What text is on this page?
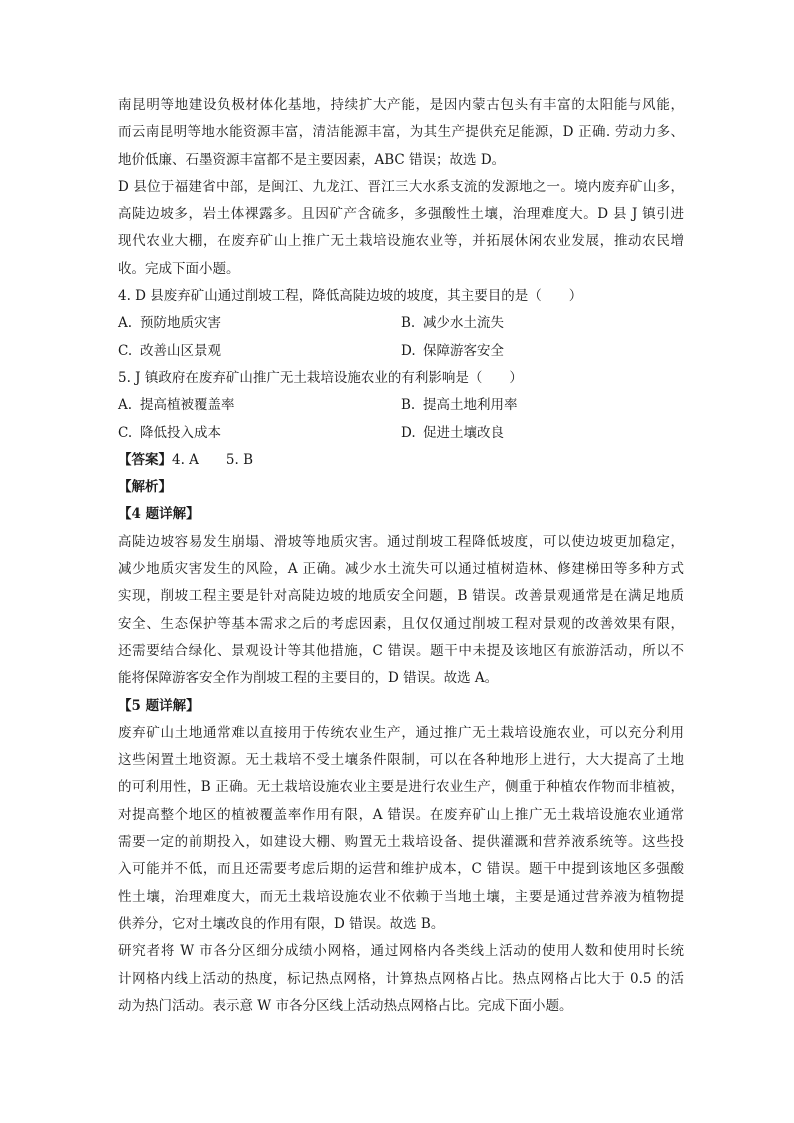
南昆明等地建设负极材体化基地，持续扩大产能，是因内蒙古包头有丰富的太阳能与风能，
而云南昆明等地水能资源丰富，清洁能源丰富，为其生产提供充足能源，D 正确. 劳动力多、
地价低廉、石墨资源丰富都不是主要因素，ABC 错误；故选 D。
D 县位于福建省中部，是闽江、九龙江、晋江三大水系支流的发源地之一。境内废弃矿山多，
高陡边坡多，岩土体裸露多。且因矿产含硫多，多强酸性土壤，治理难度大。D 县 J 镇引进
现代农业大棚，在废弃矿山上推广无土栽培设施农业等，并拓展休闲农业发展，推动农民增
收。完成下面小题。
4. D 县废弃矿山通过削坡工程，降低高陡边坡的坡度，其主要目的是（　　）
A. 预防地质灾害	B. 减少水土流失
C. 改善山区景观	D. 保障游客安全
5. J 镇政府在废弃矿山推广无土栽培设施农业的有利影响是（　　）
A. 提高植被覆盖率	B. 提高土地利用率
C. 降低投入成本	D. 促进土壤改良
【答案】4. A　　5. B
【解析】
【4 题详解】
高陡边坡容易发生崩塌、滑坡等地质灾害。通过削坡工程降低坡度，可以使边坡更加稳定，
减少地质灾害发生的风险，A 正确。减少水土流失可以通过植树造林、修建梯田等多种方式
实现，削坡工程主要是针对高陡边坡的地质安全问题，B 错误。改善景观通常是在满足地质
安全、生态保护等基本需求之后的考虑因素，且仅仅通过削坡工程对景观的改善效果有限，
还需要结合绿化、景观设计等其他措施，C 错误。题干中未提及该地区有旅游活动，所以不
能将保障游客安全作为削坡工程的主要目的，D 错误。故选 A。
【5 题详解】
废弃矿山土地通常难以直接用于传统农业生产，通过推广无土栽培设施农业，可以充分利用
这些闲置土地资源。无土栽培不受土壤条件限制，可以在各种地形上进行，大大提高了土地
的可利用性，B 正确。无土栽培设施农业主要是进行农业生产，侧重于种植农作物而非植被，
对提高整个地区的植被覆盖率作用有限，A 错误。在废弃矿山上推广无土栽培设施农业通常
需要一定的前期投入，如建设大棚、购置无土栽培设备、提供灌溉和营养液系统等。这些投
入可能并不低，而且还需要考虑后期的运营和维护成本，C 错误。题干中提到该地区多强酸
性土壤，治理难度大，而无土栽培设施农业不依赖于当地土壤，主要是通过营养液为植物提
供养分，它对土壤改良的作用有限，D 错误。故选 B。
研究者将 W 市各分区细分成绩小网格，通过网格内各类线上活动的使用人数和使用时长统
计网格内线上活动的热度，标记热点网格，计算热点网格占比。热点网格占比大于 0.5 的活
动为热门活动。表示意 W 市各分区线上活动热点网格占比。完成下面小题。
